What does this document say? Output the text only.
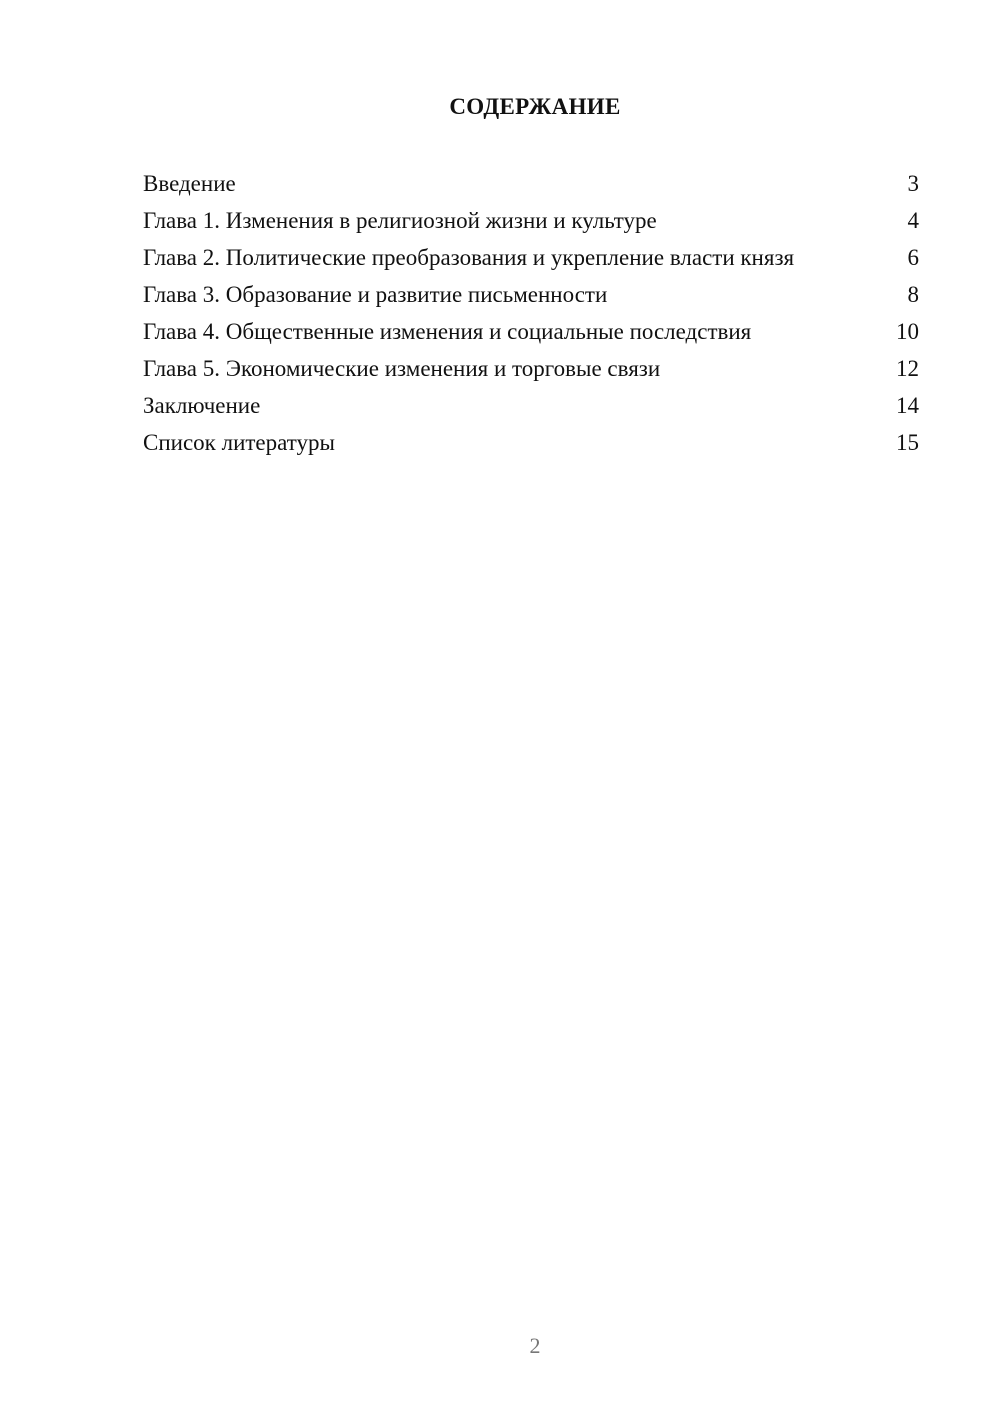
СОДЕРЖАНИЕ
Введение	3
Глава 1. Изменения в религиозной жизни и культуре	4
Глава 2. Политические преобразования и укрепление власти князя	6
Глава 3. Образование и развитие письменности	8
Глава 4. Общественные изменения и социальные последствия	10
Глава 5. Экономические изменения и торговые связи	12
Заключение	14
Список литературы	15
2
